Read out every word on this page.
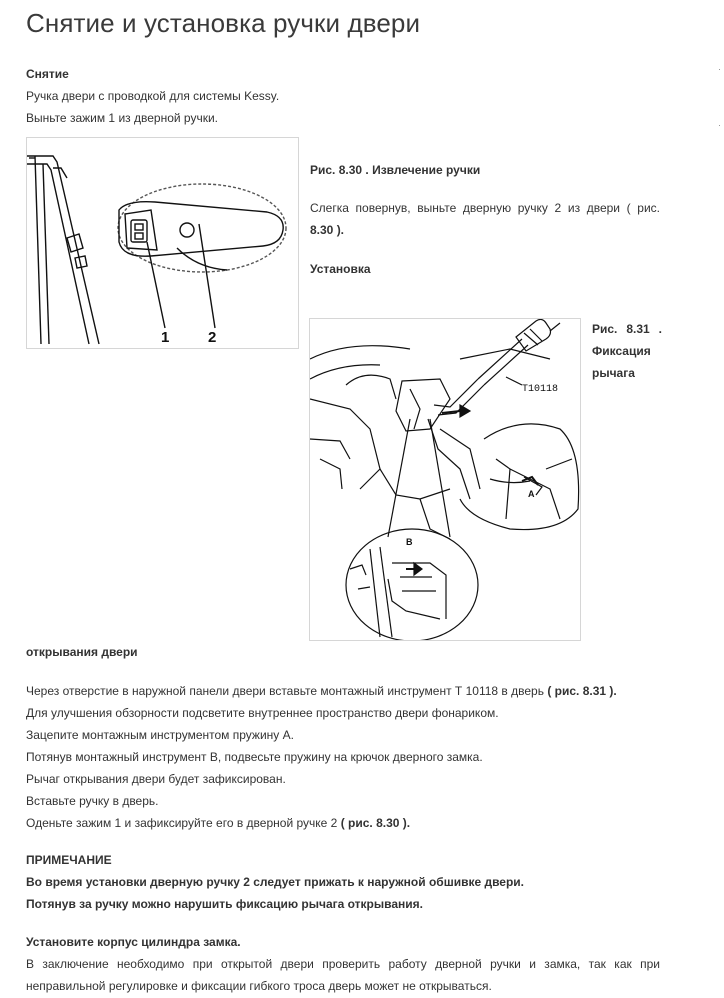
Снятие и установка ручки двери
·
·
Снятие
Ручка двери с проводкой для системы Kessy.
Выньте зажим 1 из дверной ручки.
1	2
Рис. 8.30 . Извлечение ручки
Слегка повернув, выньте дверную ручку 2 из двери ( рис.
8.30 ).
Установка
T10118
A
B
Рис. 8.31 .
Фиксация
рычага
открывания двери
Через отверстие в наружной панели двери вставьте монтажный инструмент Т 10118 в дверь ( рис. 8.31 ).
Для улучшения обзорности подсветите внутреннее пространство двери фонариком.
Зацепите монтажным инструментом пружину А.
Потянув монтажный инструмент В, подвесьте пружину на крючок дверного замка.
Рычаг открывания двери будет зафиксирован.
Вставьте ручку в дверь.
Оденьте зажим 1 и зафиксируйте его в дверной ручке 2 ( рис. 8.30 ).
ПРИМЕЧАНИЕ
Во время установки дверную ручку 2 следует прижать к наружной обшивке двери.
Потянув за ручку можно нарушить фиксацию рычага открывания.
Установите корпус цилиндра замка.
В заключение необходимо при открытой двери проверить работу дверной ручки и замка, так как при
неправильной регулировке и фиксации гибкого троса дверь может не открываться.
